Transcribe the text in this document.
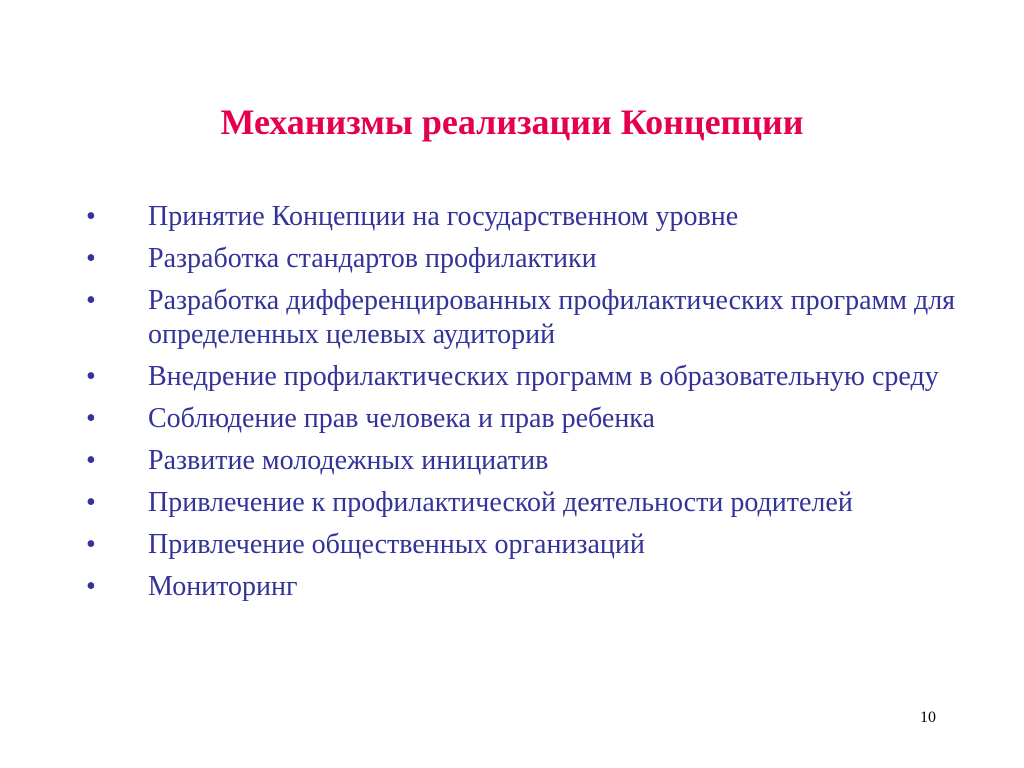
Механизмы реализации Концепции
•	Принятие Концепции на государственном уровне
•	Разработка стандартов профилактики
•	Разработка дифференцированных профилактических программ для определенных целевых аудиторий
•	Внедрение профилактических программ в образовательную среду
•	Соблюдение прав человека и прав ребенка
•	Развитие молодежных инициатив
•	Привлечение к профилактической деятельности родителей
•	Привлечение общественных организаций
•	Мониторинг
10
